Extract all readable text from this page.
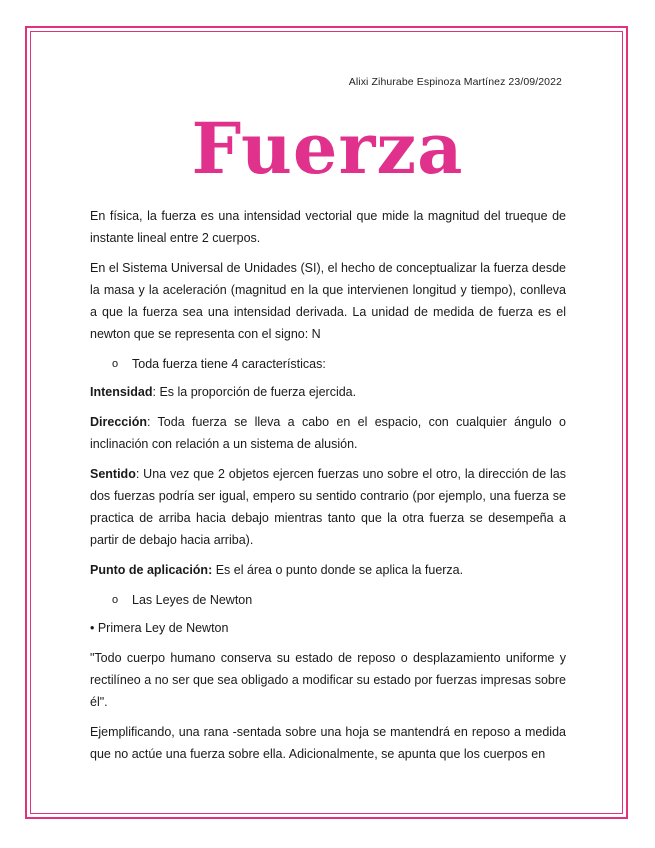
Alixi Zihurabe Espinoza Martínez 23/09/2022
Fuerza

En física, la fuerza es una intensidad vectorial que mide la magnitud del trueque de instante lineal entre 2 cuerpos.

En el Sistema Universal de Unidades (SI), el hecho de conceptualizar la fuerza desde la masa y la aceleración (magnitud en la que intervienen longitud y tiempo), conlleva a que la fuerza sea una intensidad derivada. La unidad de medida de fuerza es el newton que se representa con el signo: N

o Toda fuerza tiene 4 características:

Intensidad: Es la proporción de fuerza ejercida.

Dirección: Toda fuerza se lleva a cabo en el espacio, con cualquier ángulo o inclinación con relación a un sistema de alusión.

Sentido: Una vez que 2 objetos ejercen fuerzas uno sobre el otro, la dirección de las dos fuerzas podría ser igual, empero su sentido contrario (por ejemplo, una fuerza se practica de arriba hacia debajo mientras tanto que la otra fuerza se desempeña a partir de debajo hacia arriba).

Punto de aplicación: Es el área o punto donde se aplica la fuerza.

o Las Leyes de Newton

• Primera Ley de Newton

"Todo cuerpo humano conserva su estado de reposo o desplazamiento uniforme y rectilíneo a no ser que sea obligado a modificar su estado por fuerzas impresas sobre él".

Ejemplificando, una rana -sentada sobre una hoja se mantendrá en reposo a medida que no actúe una fuerza sobre ella. Adicionalmente, se apunta que los cuerpos en
